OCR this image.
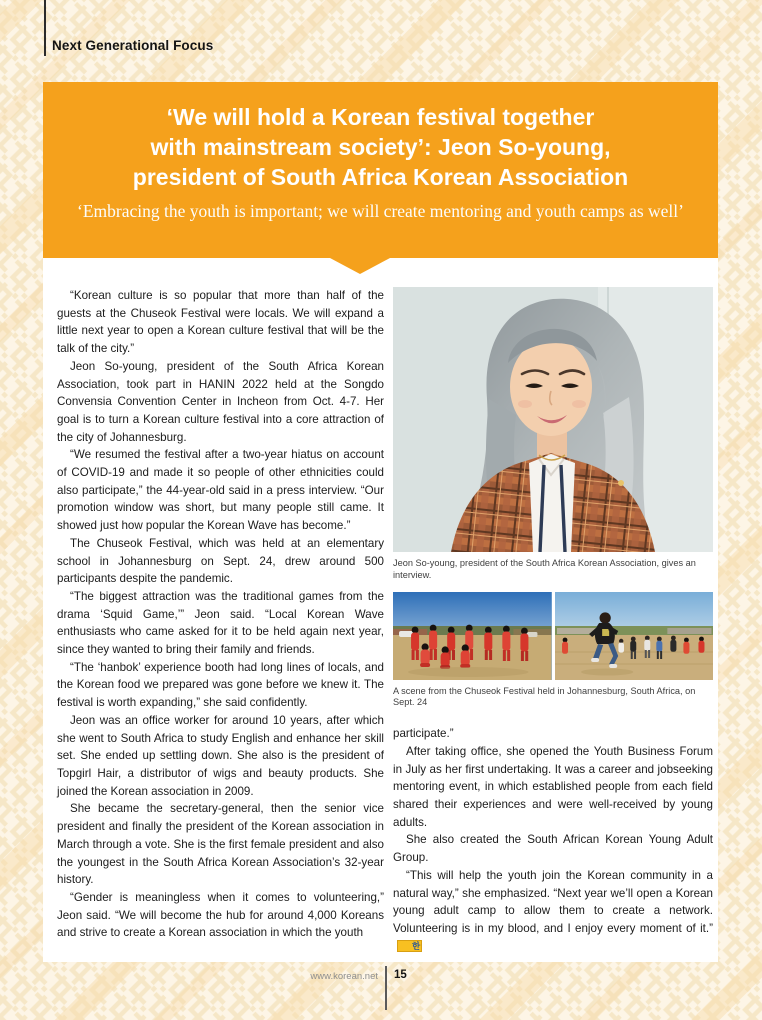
Next Generational Focus
‘We will hold a Korean festival together with mainstream society’: Jeon So-young, president of South Africa Korean Association
‘Embracing the youth is important; we will create mentoring and youth camps as well’

“Korean culture is so popular that more than half of the guests at the Chuseok Festival were locals. We will expand a little next year to open a Korean culture festival that will be the talk of the city.”

Jeon So-young, president of the South Africa Korean Association, took part in HANIN 2022 held at the Songdo Convensia Convention Center in Incheon from Oct. 4-7. Her goal is to turn a Korean culture festival into a core attraction of the city of Johannesburg.

“We resumed the festival after a two-year hiatus on account of COVID-19 and made it so people of other ethnicities could also participate,” the 44-year-old said in a press interview. “Our promotion window was short, but many people still came. It showed just how popular the Korean Wave has become.”

The Chuseok Festival, which was held at an elementary school in Johannesburg on Sept. 24, drew around 500 participants despite the pandemic.

“The biggest attraction was the traditional games from the drama ‘Squid Game,’” Jeon said. “Local Korean Wave enthusiasts who came asked for it to be held again next year, since they wanted to bring their family and friends.

“The ‘hanbok’ experience booth had long lines of locals, and the Korean food we prepared was gone before we knew it. The festival is worth expanding,” she said confidently.

Jeon was an office worker for around 10 years, after which she went to South Africa to study English and enhance her skill set. She ended up settling down. She also is the president of Topgirl Hair, a distributor of wigs and beauty products. She joined the Korean association in 2009.

She became the secretary-general, then the senior vice president and finally the president of the Korean association in March through a vote. She is the first female president and also the youngest in the South Africa Korean Association’s 32-year history.

“Gender is meaningless when it comes to volunteering,” Jeon said. “We will become the hub for around 4,000 Koreans and strive to create a Korean association in which the youth

Jeon So-young, president of the South Africa Korean Association, gives an interview.

A scene from the Chuseok Festival held in Johannesburg, South Africa, on Sept. 24

participate.”

After taking office, she opened the Youth Business Forum in July as her first undertaking. It was a career and jobseeking mentoring event, in which established people from each field shared their experiences and were well-received by young adults.

She also created the South African Korean Young Adult Group.

“This will help the youth join the Korean community in a natural way,” she emphasized. “Next year we’ll open a Korean young adult camp to allow them to create a network. Volunteering is in my blood, and I enjoy every moment of it.”한

www.korean.net 15
